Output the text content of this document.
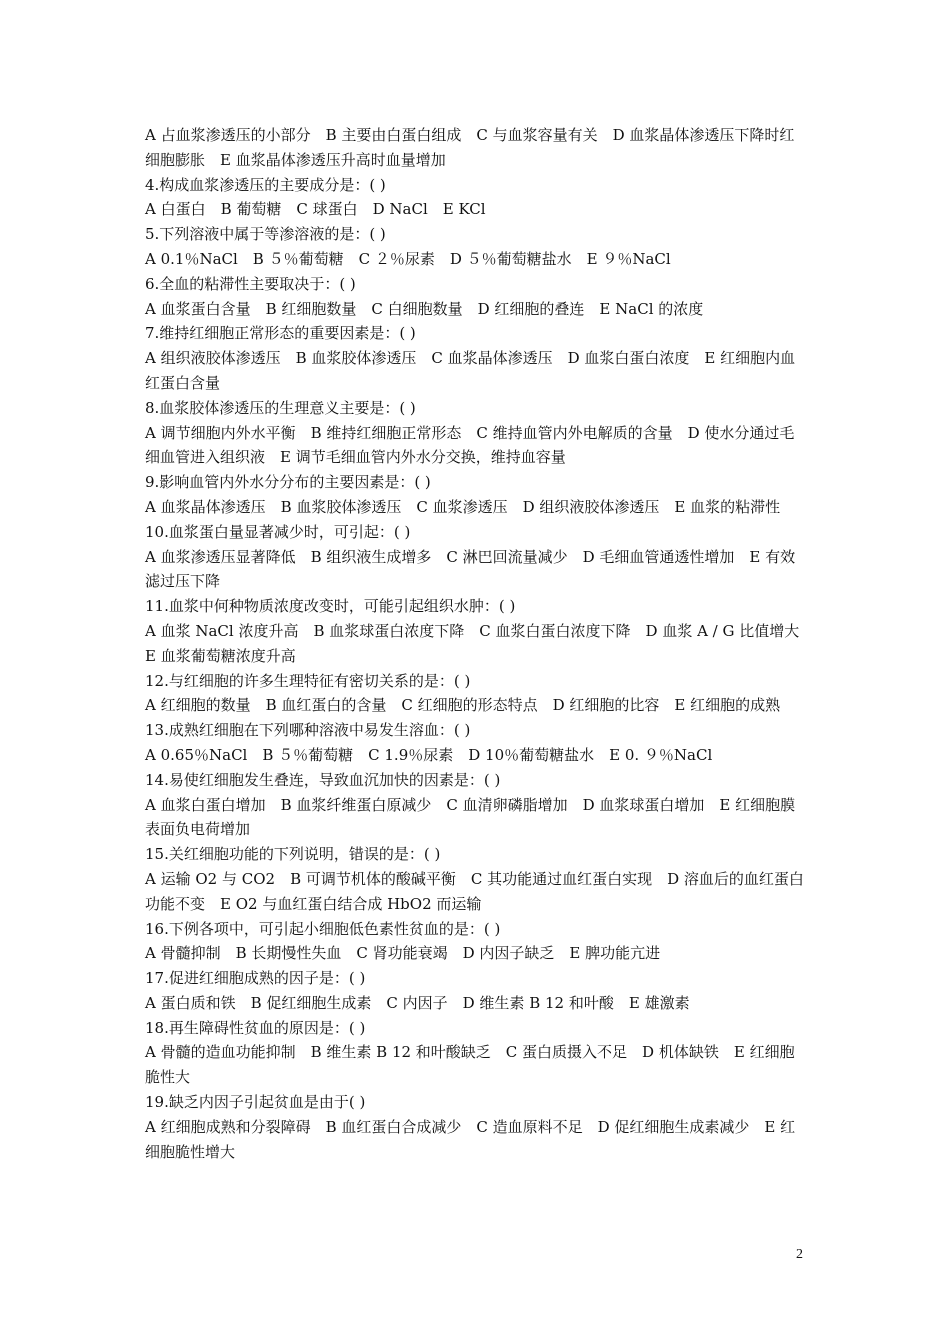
A 占血浆渗透压的小部分　B 主要由白蛋白组成　C 与血浆容量有关　D 血浆晶体渗透压下降时红细胞膨胀　E 血浆晶体渗透压升高时血量增加
4.构成血浆渗透压的主要成分是：( )
A 白蛋白　B 葡萄糖　C 球蛋白　D NaCl　E KCl
5.下列溶液中属于等渗溶液的是：( )
A 0.1％NaCl　B ５％葡萄糖　C ２％尿素　D ５％葡萄糖盐水　E ９％NaCl
6.全血的粘滞性主要取决于：( )
A 血浆蛋白含量　B 红细胞数量　C 白细胞数量　D 红细胞的叠连　E NaCl 的浓度
7.维持红细胞正常形态的重要因素是：( )
A 组织液胶体渗透压　B 血浆胶体渗透压　C 血浆晶体渗透压　D 血浆白蛋白浓度　E 红细胞内血红蛋白含量
8.血浆胶体渗透压的生理意义主要是：( )
A 调节细胞内外水平衡　B 维持红细胞正常形态　C 维持血管内外电解质的含量　D 使水分通过毛细血管进入组织液　E 调节毛细血管内外水分交换，维持血容量
9.影响血管内外水分分布的主要因素是：( )
A 血浆晶体渗透压　B 血浆胶体渗透压　C 血浆渗透压　D 组织液胶体渗透压　E 血浆的粘滞性
10.血浆蛋白量显著减少时，可引起：( )
A 血浆渗透压显著降低　B 组织液生成增多　C 淋巴回流量减少　D 毛细血管通透性增加　E 有效滤过压下降
11.血浆中何种物质浓度改变时，可能引起组织水肿：( )
A 血浆 NaCl 浓度升高　B 血浆球蛋白浓度下降　C 血浆白蛋白浓度下降　D 血浆 A / G 比值增大　E 血浆葡萄糖浓度升高
12.与红细胞的许多生理特征有密切关系的是：( )
A 红细胞的数量　B 血红蛋白的含量　C 红细胞的形态特点　D 红细胞的比容　E 红细胞的成熟
13.成熟红细胞在下列哪种溶液中易发生溶血：( )
A 0.65％NaCl　B ５％葡萄糖　C 1.9％尿素　D 10％葡萄糖盐水　E 0. ９％NaCl
14.易使红细胞发生叠连，导致血沉加快的因素是：( )
A 血浆白蛋白增加　B 血浆纤维蛋白原减少　C 血清卵磷脂增加　D 血浆球蛋白增加　E 红细胞膜表面负电荷增加
15.关红细胞功能的下列说明，错误的是：( )
A 运输 O2 与 CO2　B 可调节机体的酸碱平衡　C 其功能通过血红蛋白实现　D 溶血后的血红蛋白功能不变　E O2 与血红蛋白结合成 HbO2 而运输
16.下例各项中，可引起小细胞低色素性贫血的是：( )
A 骨髓抑制　B 长期慢性失血　C 肾功能衰竭　D 内因子缺乏　E 脾功能亢进
17.促进红细胞成熟的因子是：( )
A 蛋白质和铁　B 促红细胞生成素　C 内因子　D 维生素 B 12 和叶酸　E 雄激素
18.再生障碍性贫血的原因是：( )
A 骨髓的造血功能抑制　B 维生素 B 12 和叶酸缺乏　C 蛋白质摄入不足　D 机体缺铁　E 红细胞脆性大
19.缺乏内因子引起贫血是由于( )
A 红细胞成熟和分裂障碍　B 血红蛋白合成减少　C 造血原料不足　D 促红细胞生成素减少　E 红细胞脆性增大
2
